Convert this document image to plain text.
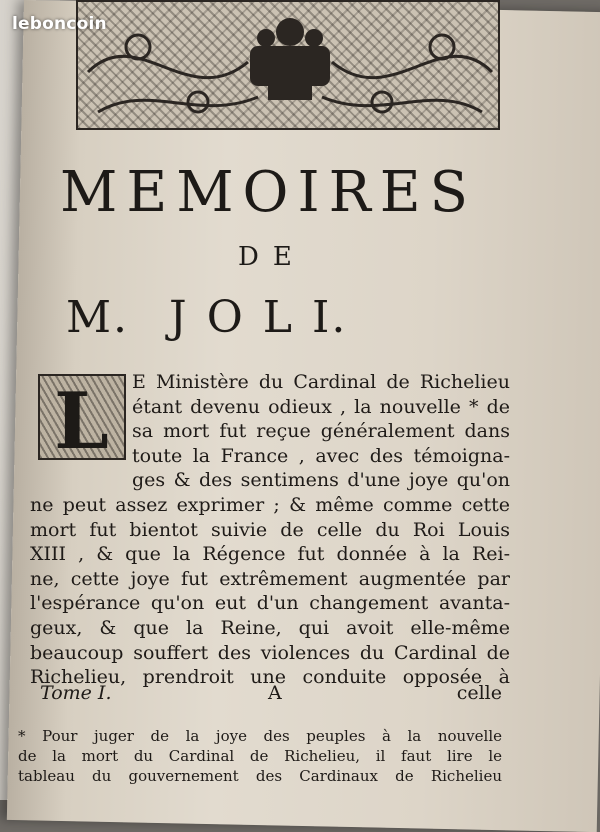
leboncoin
MEMOIRES
DE
M. J O L I.
L	E Ministère du Cardinal de Richelieu
étant devenu odieux , la nouvelle * de
sa mort fut reçue généralement dans
toute la France , avec des témoigna-
ges & des sentimens d'une joye qu'on
ne peut assez exprimer ; & même comme cette
mort fut bientot suivie de celle du Roi Louis
XIII , & que la Régence fut donnée à la Rei-
ne, cette joye fut extrêmement augmentée par
l'espérance qu'on eut d'un changement avanta-
geux, & que la Reine, qui avoit elle-même
beaucoup souffert des violences du Cardinal de
Richelieu, prendroit une conduite opposée à
Tome I.	A	celle
* Pour juger de la joye des peuples à la nouvelle
de la mort du Cardinal de Richelieu, il faut lire le
tableau du gouvernement des Cardinaux de Richelieu
